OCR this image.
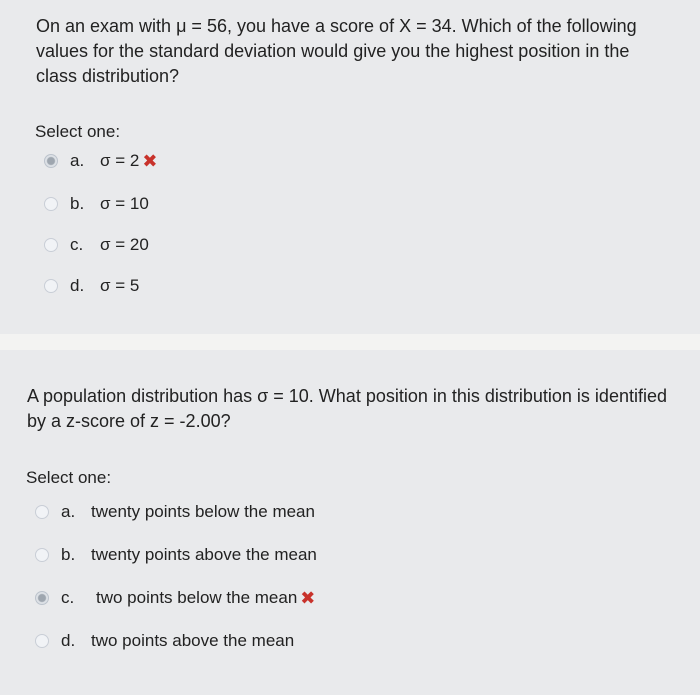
On an exam with μ = 56, you have a score of X = 34. Which of the following values for the standard deviation would give you the highest position in the class distribution?
Select one:
a. σ = 2 ✖
b. σ = 10
c. σ = 20
d. σ = 5
A population distribution has σ = 10. What position in this distribution is identified by a z-score of z = -2.00?
Select one:
a. twenty points below the mean
b. twenty points above the mean
c.	two points below the mean ✖
d. two points above the mean
